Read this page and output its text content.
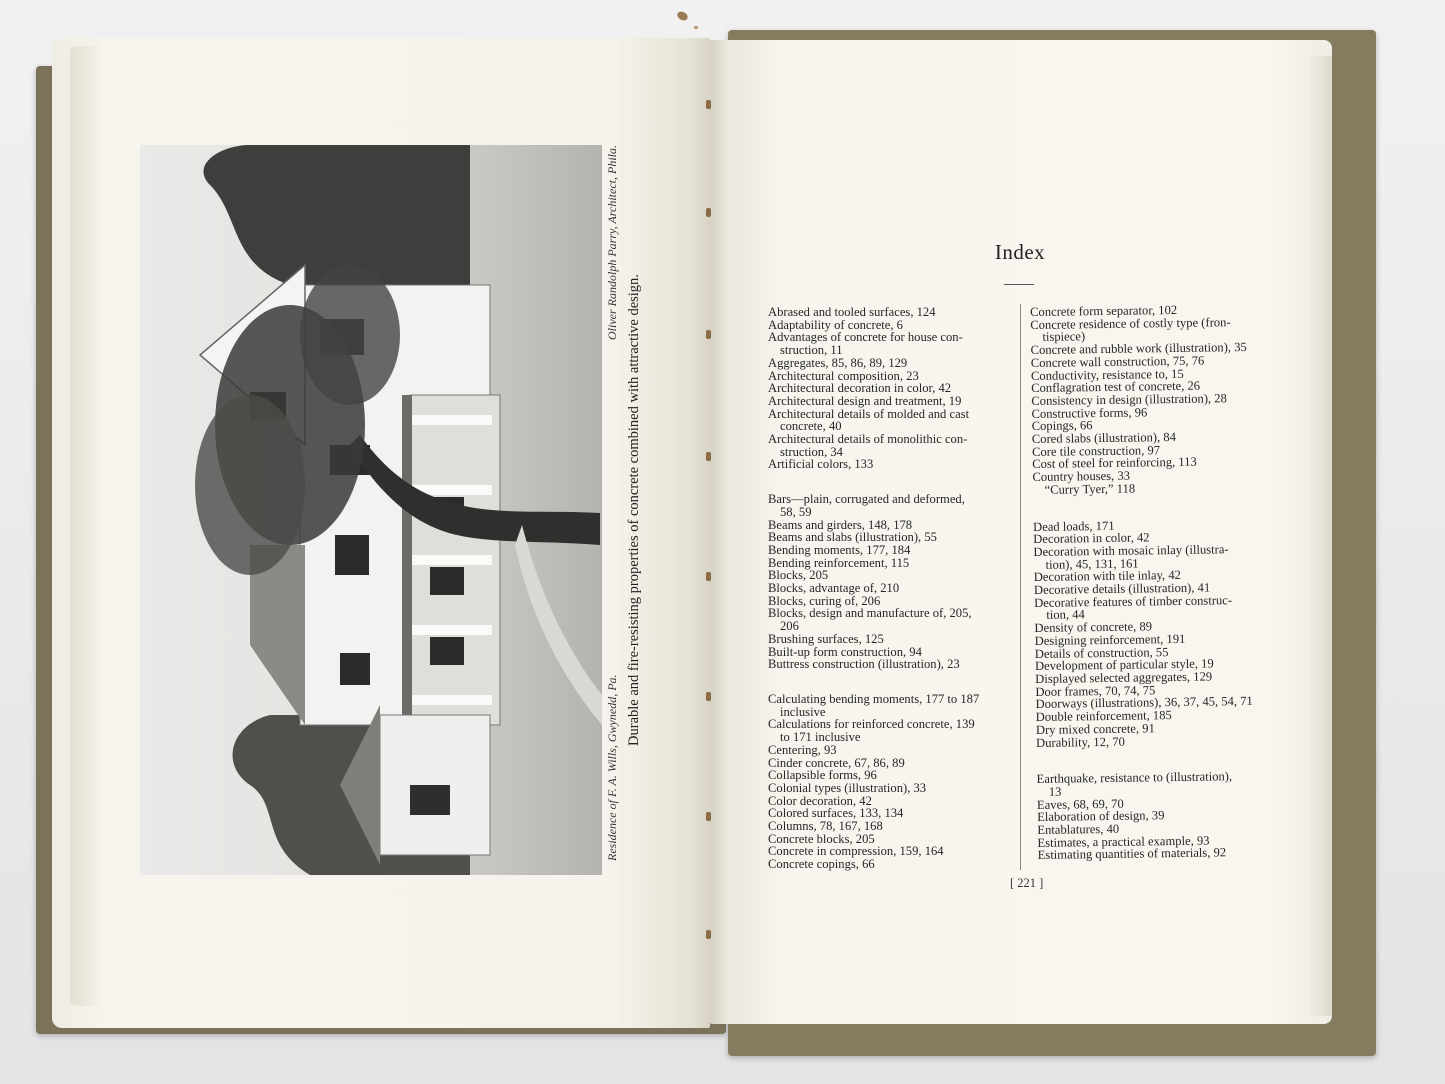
Residence of F. A. Wills, Gwynedd, Pa.
Oliver Randolph Parry, Architect, Phila.
Durable and fire-resisting properties of concrete combined with attractive design.
Index

Abrased and tooled surfaces, 124

Adaptability of concrete, 6

Advantages of concrete for house con-

struction, 11

Aggregates, 85, 86, 89, 129

Architectural composition, 23

Architectural decoration in color, 42

Architectural design and treatment, 19

Architectural details of molded and cast

concrete, 40

Architectural details of monolithic con-

struction, 34

Artificial colors, 133

Bars—plain, corrugated and deformed,

58, 59

Beams and girders, 148, 178

Beams and slabs (illustration), 55

Bending moments, 177, 184

Bending reinforcement, 115

Blocks, 205

Blocks, advantage of, 210

Blocks, curing of, 206

Blocks, design and manufacture of, 205,

206

Brushing surfaces, 125

Built-up form construction, 94

Buttress construction (illustration), 23

Calculating bending moments, 177 to 187

inclusive

Calculations for reinforced concrete, 139

to 171 inclusive

Centering, 93

Cinder concrete, 67, 86, 89

Collapsible forms, 96

Colonial types (illustration), 33

Color decoration, 42

Colored surfaces, 133, 134

Columns, 78, 167, 168

Concrete blocks, 205

Concrete in compression, 159, 164

Concrete copings, 66

Concrete form separator, 102

Concrete residence of costly type (fron-

tispiece)

Concrete and rubble work (illustration), 35

Concrete wall construction, 75, 76

Conductivity, resistance to, 15

Conflagration test of concrete, 26

Consistency in design (illustration), 28

Constructive forms, 96

Copings, 66

Cored slabs (illustration), 84

Core tile construction, 97

Cost of steel for reinforcing, 113

Country houses, 33

“Curry Tyer,” 118

Dead loads, 171

Decoration in color, 42

Decoration with mosaic inlay (illustra-

tion), 45, 131, 161

Decoration with tile inlay, 42

Decorative details (illustration), 41

Decorative features of timber construc-

tion, 44

Density of concrete, 89

Designing reinforcement, 191

Details of construction, 55

Development of particular style, 19

Displayed selected aggregates, 129

Door frames, 70, 74, 75

Doorways (illustrations), 36, 37, 45, 54, 71

Double reinforcement, 185

Dry mixed concrete, 91

Durability, 12, 70

Earthquake, resistance to (illustration),

13

Eaves, 68, 69, 70

Elaboration of design, 39

Entablatures, 40

Estimates, a practical example, 93

Estimating quantities of materials, 92

[ 221 ]
